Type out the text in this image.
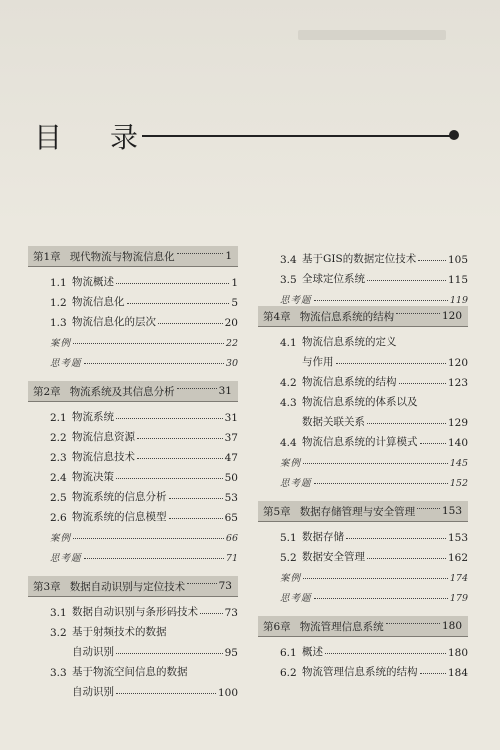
目 录
第1章 现代物流与物流信息化	1
1.1 物流概述	1
1.2 物流信息化	5
1.3 物流信息化的层次	20
案例	22
思考题	30
第2章 物流系统及其信息分析	31
2.1 物流系统	31
2.2 物流信息资源	37
2.3 物流信息技术	47
2.4 物流决策	50
2.5 物流系统的信息分析	53
2.6 物流系统的信息模型	65
案例	66
思考题	71
第3章 数据自动识别与定位技术	73
3.1 数据自动识别与条形码技术	73
3.2 基于射频技术的数据
自动识别	95
3.3 基于物流空间信息的数据
自动识别	100
3.4 基于GIS的数据定位技术	105
3.5 全球定位系统	115
思考题	119
第4章 物流信息系统的结构	120
4.1 物流信息系统的定义
与作用	120
4.2 物流信息系统的结构	123
4.3 物流信息系统的体系以及
数据关联关系	129
4.4 物流信息系统的计算模式	140
案例	145
思考题	152
第5章 数据存储管理与安全管理	153
5.1 数据存储	153
5.2 数据安全管理	162
案例	174
思考题	179
第6章 物流管理信息系统	180
6.1 概述	180
6.2 物流管理信息系统的结构	184
